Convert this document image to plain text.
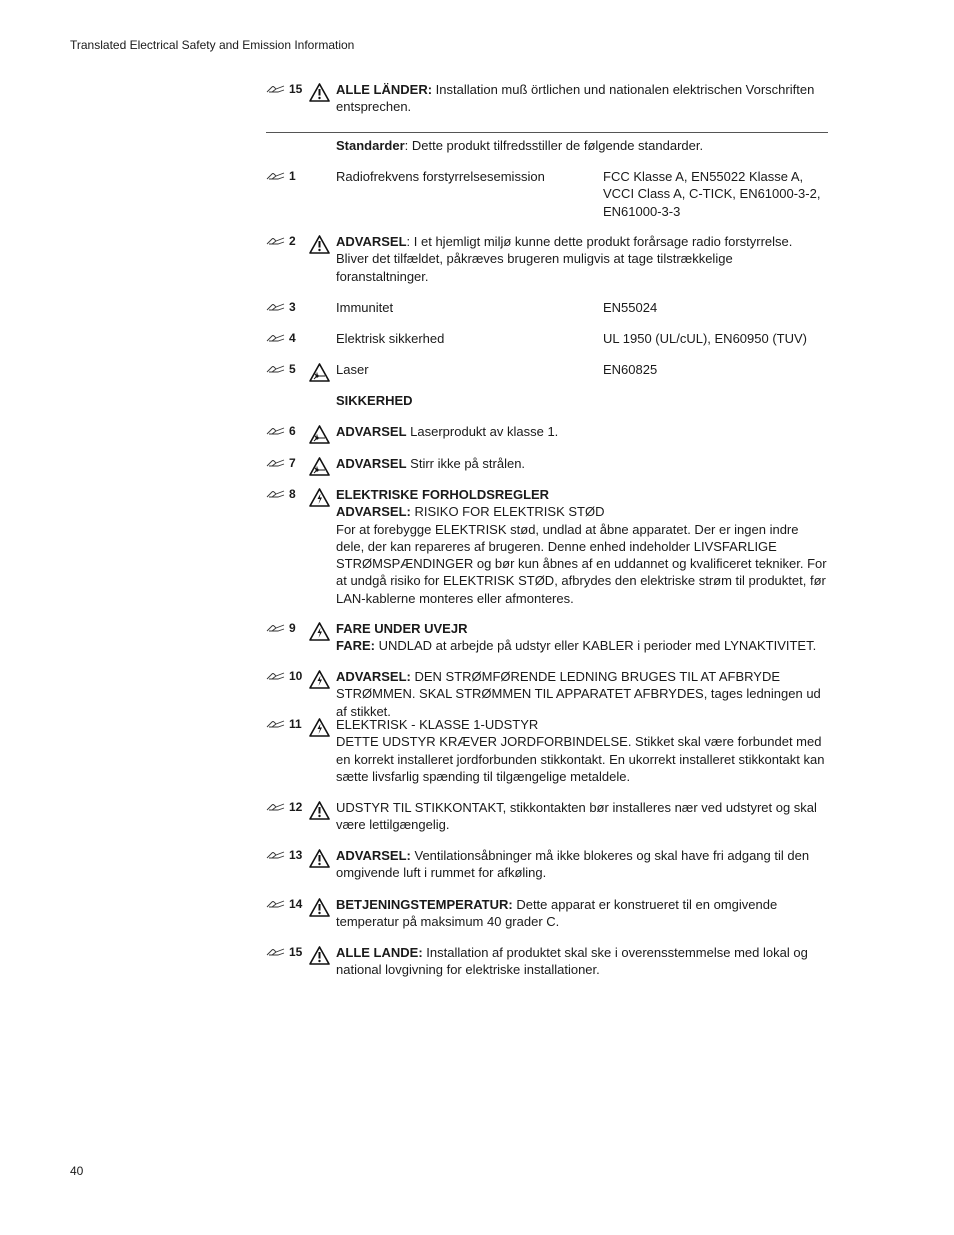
Translated Electrical Safety and Emission Information
15	ALLE LÄNDER: Installation muß örtlichen und nationalen elektrischen Vorschriften entsprechen.
Standarder: Dette produkt tilfredsstiller de følgende standarder.
1	Radiofrekvens forstyrrelsesemission	FCC Klasse A, EN55022 Klasse A, VCCI Class A, C-TICK, EN61000-3-2, EN61000-3-3
2	ADVARSEL: I et hjemligt miljø kunne dette produkt forårsage radio forstyrrelse. Bliver det tilfældet, påkræves brugeren muligvis at tage tilstrækkelige foranstaltninger.
3	Immunitet	EN55024
4	Elektrisk sikkerhed	UL 1950 (UL/cUL), EN60950 (TUV)
5	Laser	EN60825
SIKKERHED
6	ADVARSEL Laserprodukt av klasse 1.
7	ADVARSEL Stirr ikke på strålen.
8	ELEKTRISKE FORHOLDSREGLER
ADVARSEL: RISIKO FOR ELEKTRISK STØD
For at forebygge ELEKTRISK stød, undlad at åbne apparatet. Der er ingen indre dele, der kan repareres af brugeren. Denne enhed indeholder LIVSFARLIGE STRØMSPÆNDINGER og bør kun åbnes af en uddannet og kvalificeret tekniker. For at undgå risiko for ELEKTRISK STØD, afbrydes den elektriske strøm til produktet, før LAN-kablerne monteres eller afmonteres.
9	FARE UNDER UVEJR
FARE: UNDLAD at arbejde på udstyr eller KABLER i perioder med LYNAKTIVITET.
10	ADVARSEL: DEN STRØMFØRENDE LEDNING BRUGES TIL AT AFBRYDE STRØMMEN. SKAL STRØMMEN TIL APPARATET AFBRYDES, tages ledningen ud af stikket.
11	ELEKTRISK - KLASSE 1-UDSTYR
DETTE UDSTYR KRÆVER JORDFORBINDELSE. Stikket skal være forbundet med en korrekt installeret jordforbunden stikkontakt. En ukorrekt installeret stikkontakt kan sætte livsfarlig spænding til tilgængelige metaldele.
12	UDSTYR TIL STIKKONTAKT, stikkontakten bør installeres nær ved udstyret og skal være lettilgængelig.
13	ADVARSEL: Ventilationsåbninger må ikke blokeres og skal have fri adgang til den omgivende luft i rummet for afkøling.
14	BETJENINGSTEMPERATUR: Dette apparat er konstrueret til en omgivende temperatur på maksimum 40 grader C.
15	ALLE LANDE: Installation af produktet skal ske i overensstemmelse med lokal og national lovgivning for elektriske installationer.
40
